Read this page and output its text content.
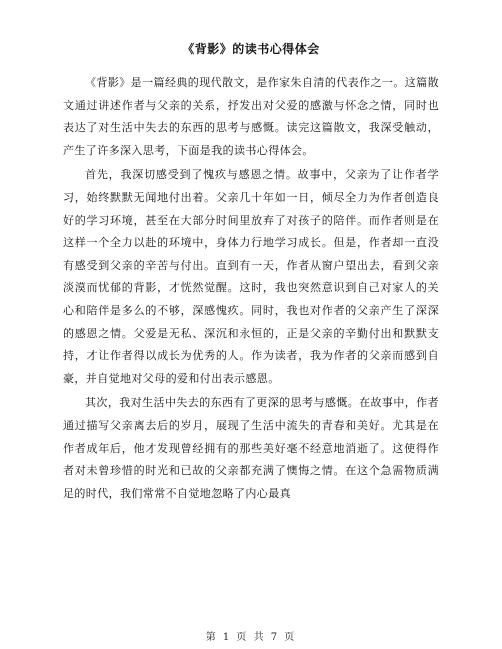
《背影》的读书心得体会

《背影》是一篇经典的现代散文，是作家朱自清的代表作之一。这篇散文通过讲述作者与父亲的关系，抒发出对父爱的感激与怀念之情，同时也表达了对生活中失去的东西的思考与感慨。读完这篇散文，我深受触动，产生了许多深入思考，下面是我的读书心得体会。

首先，我深切感受到了愧疚与感恩之情。故事中，父亲为了让作者学习，始终默默无闻地付出着。父亲几十年如一日，倾尽全力为作者创造良好的学习环境，甚至在大部分时间里放弃了对孩子的陪伴。而作者则是在这样一个全力以赴的环境中，身体力行地学习成长。但是，作者却一直没有感受到父亲的辛苦与付出。直到有一天，作者从窗户望出去，看到父亲淡漠而忧郁的背影，才恍然觉醒。这时，我也突然意识到自己对家人的关心和陪伴是多么的不够，深感愧疚。同时，我也对作者的父亲产生了深深的感恩之情。父爱是无私、深沉和永恒的，正是父亲的辛勤付出和默默支持，才让作者得以成长为优秀的人。作为读者，我为作者的父亲而感到自豪，并自觉地对父母的爱和付出表示感恩。

其次，我对生活中失去的东西有了更深的思考与感慨。在故事中，作者通过描写父亲离去后的岁月，展现了生活中流失的青春和美好。尤其是在作者成年后，他才发现曾经拥有的那些美好毫不经意地消逝了。这使得作者对未曾珍惜的时光和已故的父亲都充满了懊悔之情。在这个急需物质满足的时代，我们常常不自觉地忽略了内心最真

第 1 页 共 7 页
